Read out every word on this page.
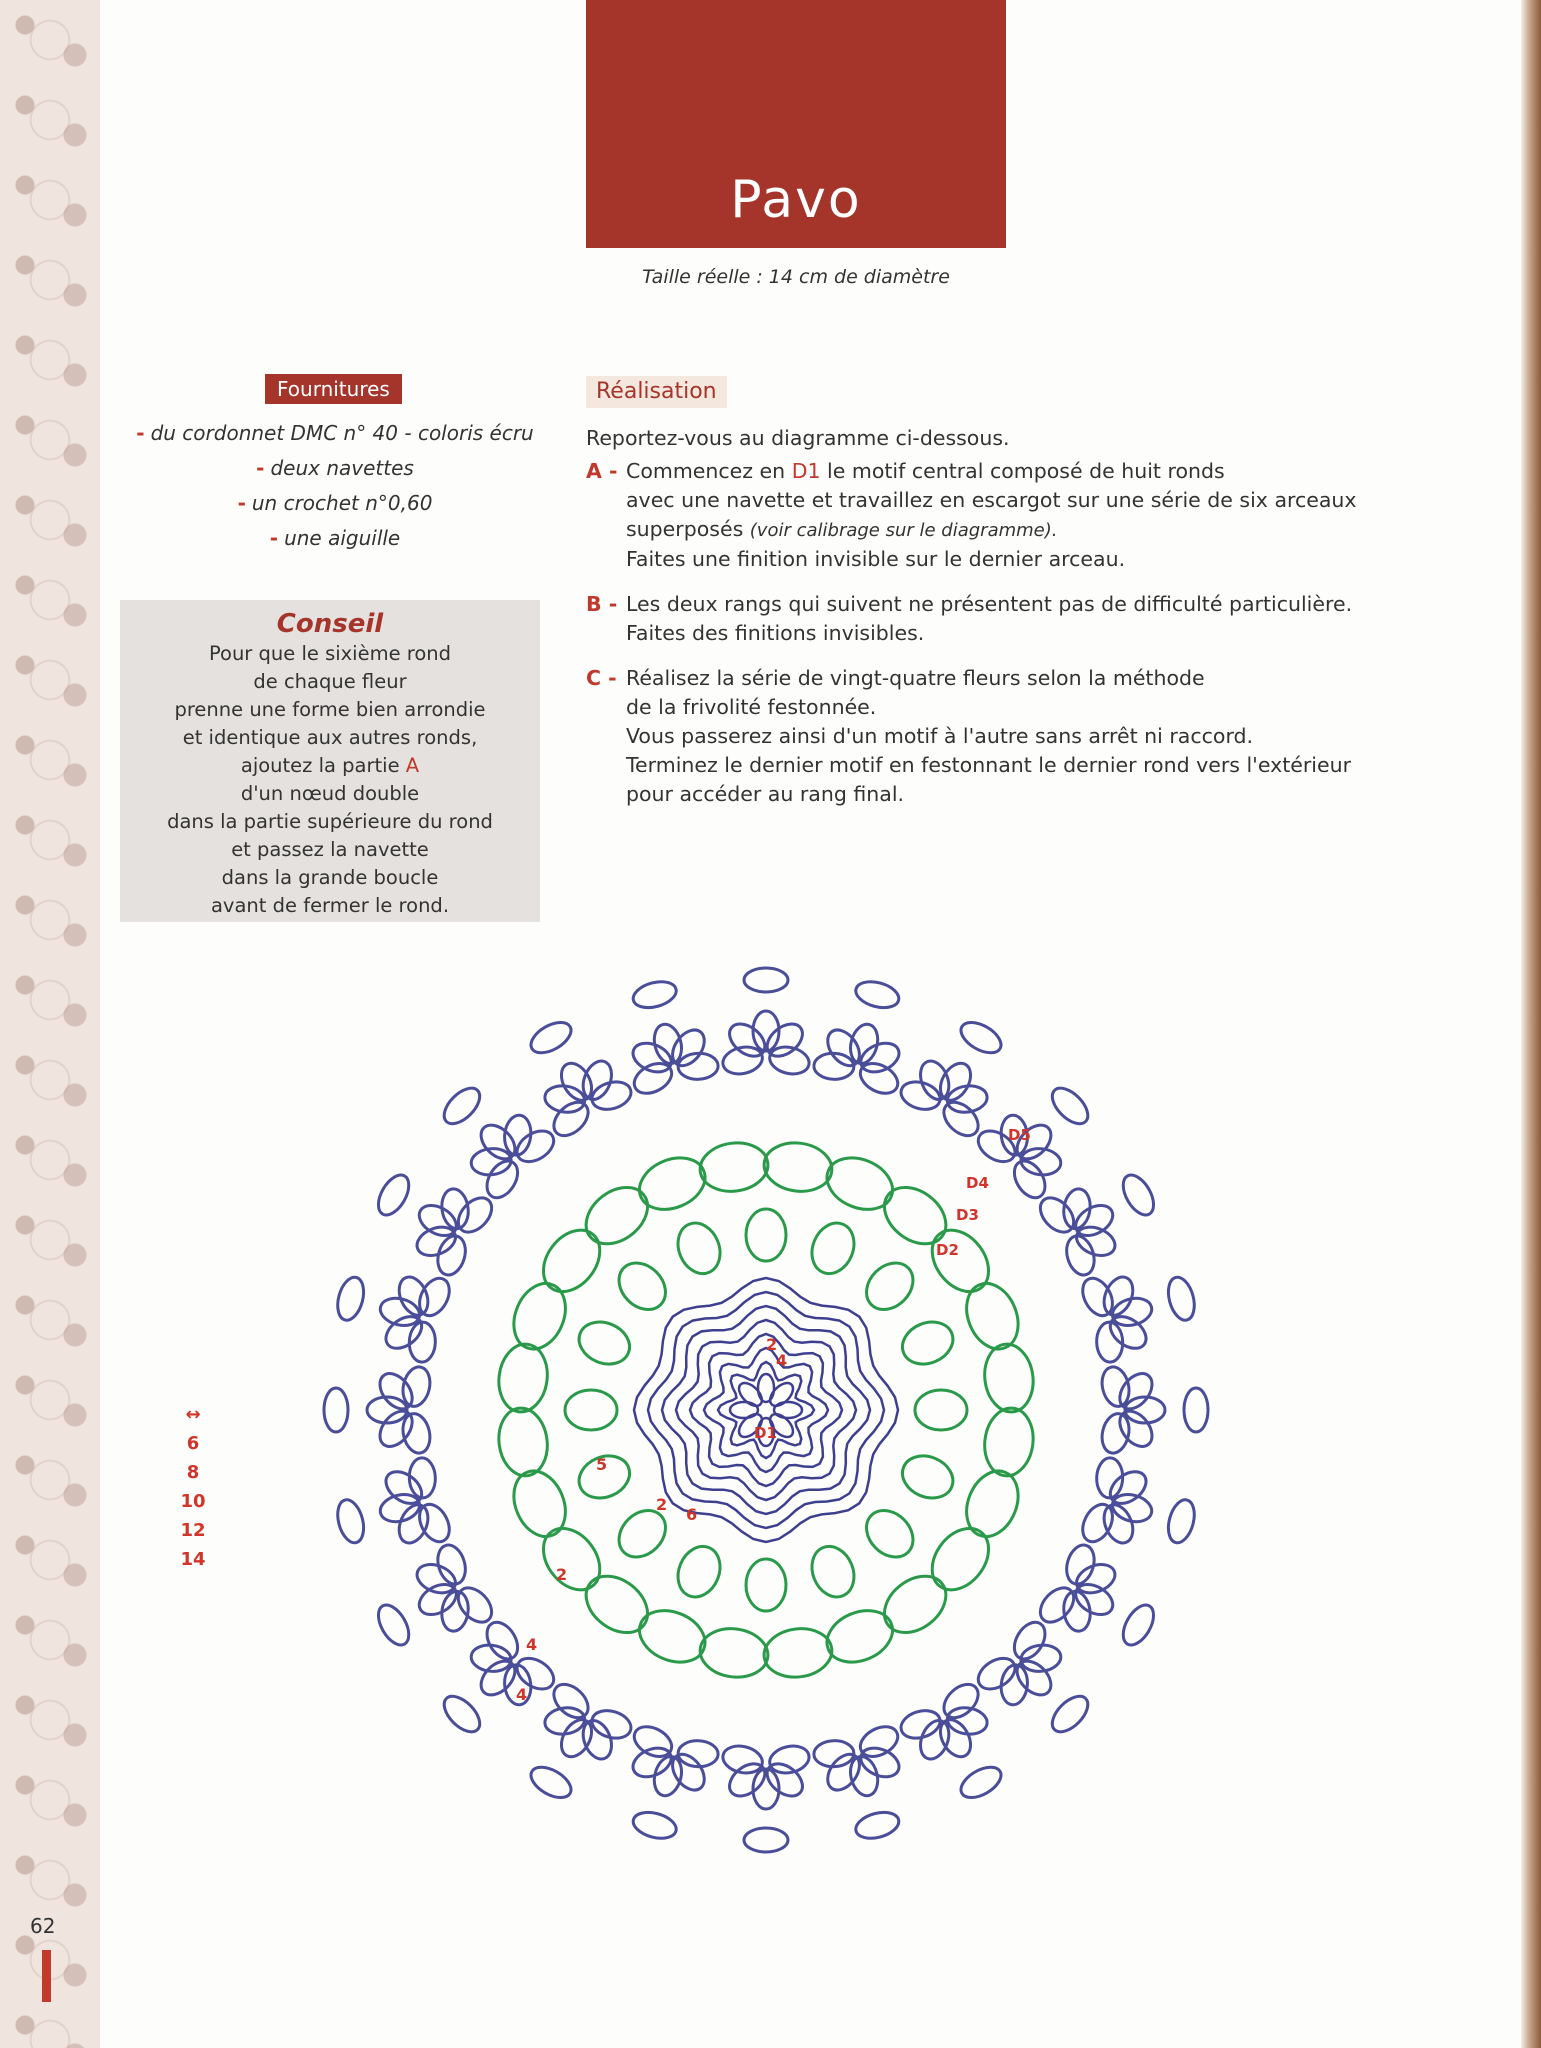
Pavo
Taille réelle : 14 cm de diamètre
Fournitures
- du cordonnet DMC n° 40 - coloris écru
- deux navettes
- un crochet n°0,60
- une aiguille
Conseil
Pour que le sixième rond
de chaque fleur
prenne une forme bien arrondie
et identique aux autres ronds,
ajoutez la partie A
d'un nœud double
dans la partie supérieure du rond
et passez la navette
dans la grande boucle
avant de fermer le rond.
Réalisation
Reportez-vous au diagramme ci-dessous.
A - Commencez en D1 le motif central composé de huit ronds
avec une navette et travaillez en escargot sur une série de six arceaux
superposés (voir calibrage sur le diagramme).
Faites une finition invisible sur le dernier arceau.
B - Les deux rangs qui suivent ne présentent pas de difficulté particulière.
Faites des finitions invisibles.
C - Réalisez la série de vingt-quatre fleurs selon la méthode
de la frivolité festonnée.
Vous passerez ainsi d'un motif à l'autre sans arrêt ni raccord.
Terminez le dernier motif en festonnant le dernier rond vers l'extérieur
pour accéder au rang final.
D1
D2
D3
D4
D5
2
5
2
6
2
4
4
4
↔
6
8
10
12
14
62
